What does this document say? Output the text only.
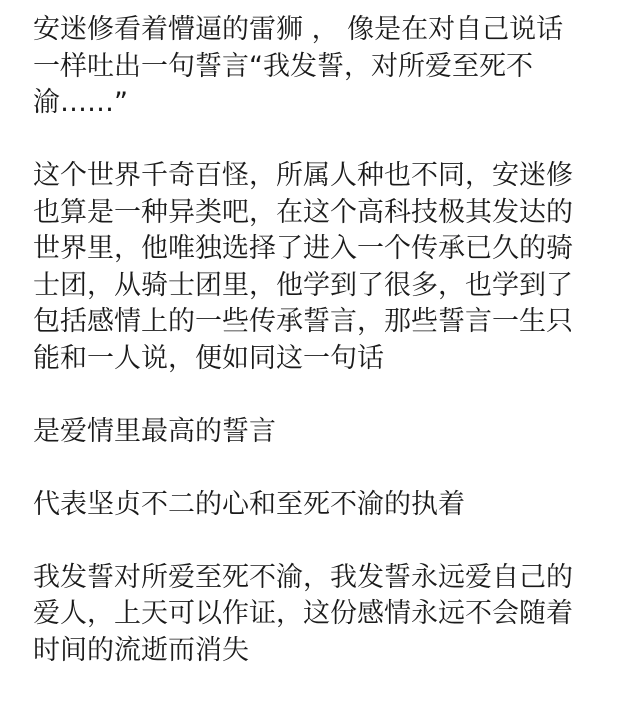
安迷修看着懵逼的雷狮 ， 像是在对自己说话
一样吐出一句誓言“我发誓，对所爱至死不
渝……”

这个世界千奇百怪，所属人种也不同，安迷修
也算是一种异类吧，在这个高科技极其发达的
世界里，他唯独选择了进入一个传承已久的骑
士团，从骑士团里，他学到了很多，也学到了
包括感情上的一些传承誓言，那些誓言一生只
能和一人说，便如同这一句话

是爱情里最高的誓言

代表坚贞不二的心和至死不渝的执着

我发誓对所爱至死不渝，我发誓永远爱自己的
爱人，上天可以作证，这份感情永远不会随着
时间的流逝而消失
